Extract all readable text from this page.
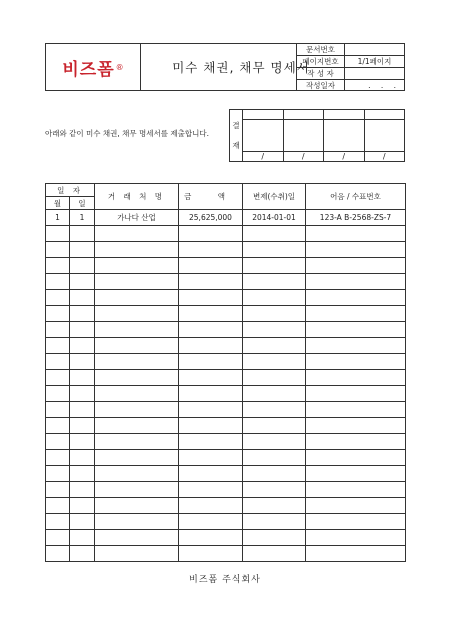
비즈폼 ®	미수 채권, 채무 명세서
문서번호	
페이지번호	1/1페이지
작 성 자	
작성일자	. . .
아래와 같이 미수 채권, 채무 명세서를 제출합니다.
결

재				

	/	/	/	/
일 자		거 래 처 명	금 액	변제(수취)일	어음 / 수표번호
월	일				
1	1	가나다 산업	25,625,000	2014-01-01	123-A B-2568-ZS-7

비즈폼 주식회사
